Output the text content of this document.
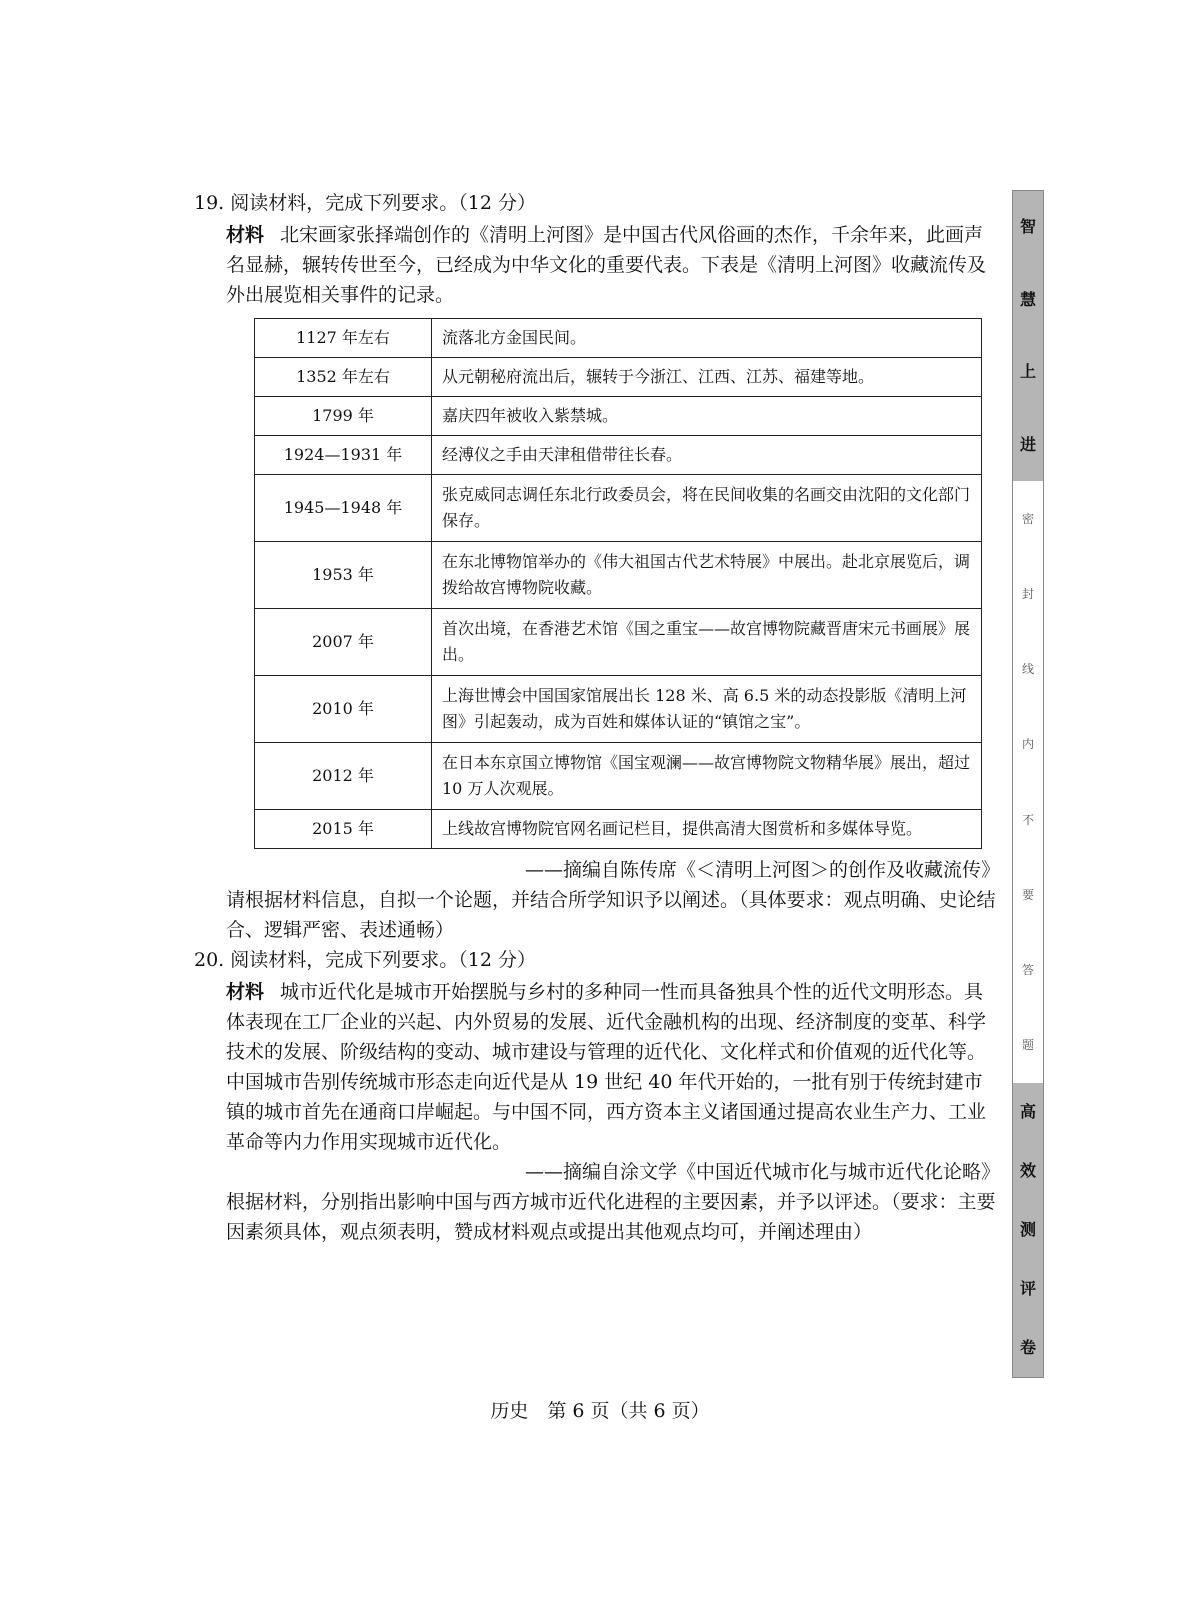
19. 阅读材料，完成下列要求。（12 分）

材料 北宋画家张择端创作的《清明上河图》是中国古代风俗画的杰作，千余年来，此画声名显赫，辗转传世至今，已经成为中华文化的重要代表。下表是《清明上河图》收藏流传及外出展览相关事件的记录。

1127 年左右	流落北方金国民间。
1352 年左右	从元朝秘府流出后，辗转于今浙江、江西、江苏、福建等地。
1799 年	嘉庆四年被收入紫禁城。
1924—1931 年	经溥仪之手由天津租借带往长春。
1945—1948 年	张克威同志调任东北行政委员会，将在民间收集的名画交由沈阳的文化部门保存。
1953 年	在东北博物馆举办的《伟大祖国古代艺术特展》中展出。赴北京展览后，调拨给故宫博物院收藏。
2007 年	首次出境，在香港艺术馆《国之重宝——故宫博物院藏晋唐宋元书画展》展出。
2010 年	上海世博会中国国家馆展出长 128 米、高 6.5 米的动态投影版《清明上河图》引起轰动，成为百姓和媒体认证的“镇馆之宝”。
2012 年	在日本东京国立博物馆《国宝观澜——故宫博物院文物精华展》展出，超过 10 万人次观展。
2015 年	上线故宫博物院官网名画记栏目，提供高清大图赏析和多媒体导览。

——摘编自陈传席《＜清明上河图＞的创作及收藏流传》

请根据材料信息，自拟一个论题，并结合所学知识予以阐述。（具体要求：观点明确、史论结合、逻辑严密、表述通畅）

20. 阅读材料，完成下列要求。（12 分）

材料 城市近代化是城市开始摆脱与乡村的多种同一性而具备独具个性的近代文明形态。具体表现在工厂企业的兴起、内外贸易的发展、近代金融机构的出现、经济制度的变革、科学技术的发展、阶级结构的变动、城市建设与管理的近代化、文化样式和价值观的近代化等。中国城市告别传统城市形态走向近代是从 19 世纪 40 年代开始的，一批有别于传统封建市镇的城市首先在通商口岸崛起。与中国不同，西方资本主义诸国通过提高农业生产力、工业革命等内力作用实现城市近代化。

——摘编自涂文学《中国近代城市化与城市近代化论略》

根据材料，分别指出影响中国与西方城市近代化进程的主要因素，并予以评述。（要求：主要因素须具体，观点须表明，赞成材料观点或提出其他观点均可，并阐述理由）

智
慧
上
进
密
封
线
内
不
要
答
题
高
效
测
评
卷
历史　第 6 页（共 6 页）
